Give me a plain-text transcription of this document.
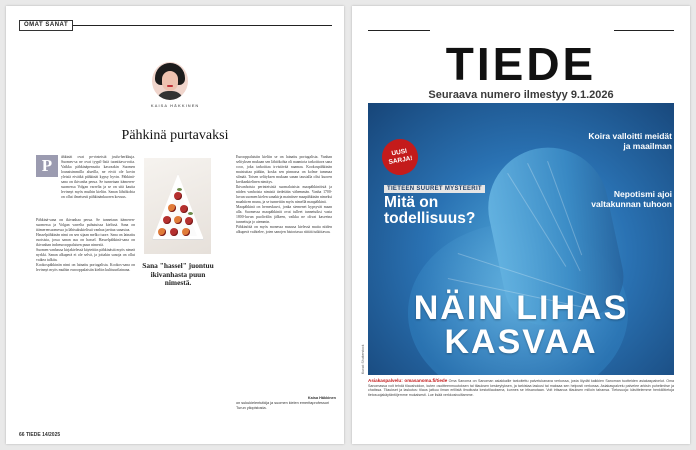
OMAT SANAT
KAISA HÄKKINEN
Pähkinä purtavaksi
P	ähkinät ovat pe-rinteisiä joulu-herkkuja. Suomes-sa ne ovat tyypil-lisiä tuontitava-roita. Vaikka pähkinäpensaita kasvaakin Suomen lounaisimmilla alueilla, ne eivät ole kovin yleisiä eivätkä pähkinät kypsy hyvin. Pähkinä-sana on ikivanha perua. Se tunnetaan itämeren-suomessa Volgan varrelta ja se on sitä kautta levinnyt myös muihin kieliin. Sanan lähtökohta on ollut ilmeisesti pähkinänkuoren kovuus.

Pähkinä-sana on ikivanhaa perua. Se tunnetaan itämeren-suomessa ja Volgan varrelta puhutuissa kielissä. Sana on itämerensuomessa ja lähisukukielissä vanhaa jaettua sanastoa.

Hasselpähkinän nimi on sen sijaan melko tuore. Sana on lainattu ruotsista, jossa sanan asu on hassel. Hasselpähkinä-sana on ikivanhan indoeurooppalaisen puun nimestä.

Suomen vanhassa kirjakielessä käytettiin pähkinästä myös nimeä nyrkki. Sanan alkuperä ei ole selvä, ja joitakin sanoja on ollut vaikea tulkita.

Kookospähkinän nimi on lainattu portugalista. Kookos-sana on levinnyt myös muihin eurooppalaisiin kieliin kulttuurilainana.	Sana "hassel" juontuu ikivanhasta puun nimestä.

Eurooppalaisiin kieliin se on lainattu portugalista. Vanhan selityksen mukaan sen lähtökohta oli naamiota tarkoittava sana coco, joka tarkoittaa irvistävää naamaa. Kookospähkinän muistuttaa pääkin, koska sen pinnassa on kolme tummaa silmää. Toisen selityksen mukaan sanan taustalla olisi kuoren kreikankielinen nimitys.

Ikivanhoista perinteisistä suomalaisista maapähkinöistä ja niiden vanhoista nimistä tiedetään vähemmän. Vanha 1700-luvun suomen kielen sanakirja mainitsee maapähkinän nimeksi maahiiren muna, ja se tunnettiin myös nimellä maapähkinä.

Maapähkinä on herneskasvi, jonka siemenet kypsyvät maan alla. Suomessa maapähkinät ovat tulleet tunnetuiksi vasta 1800-luvun puolivälin jälkeen, vaikka ne olivat kasveina tunnettuja jo aiemmin.

Pähkinöitä on myös monessa muussa kielessä mutta niiden alkuperä vaihtelee, joten sanojen historiassa riittää tutkittavaa.

Kaisa Häkkinen
on sukukielentutkija ja suomen kielen emeritaprofessori Turun yliopistosta.
66 TIEDE 14/2025
TIEDE
Seuraava numero ilmestyy 9.1.2026
UUSI SARJA!
TIETEEN SUURET MYSTEERIT
Mitä on todellisuus?
Koira valloitti meidät ja maailman
Nepotismi ajoi valtakunnan tuhoon
NÄIN LIHAS
KASVAA
Kuvat: Shutterstock
Asiakaspalvelu: omasanoma.fi/tiede Oma Sanoma on Sanoman asiakkaille tarkoitettu palvelukanava verkossa, josta löydät kaikkien Sanoman tuotteiden asiakaspalvelut. Oma Sanomassa voit tehdä tilaushoidon, kuten osoitteenmuutoksen tai tilauksen keskeytyksen, ja tarkistaa laskusi tai maksaa sen helposti verkossa. Asiakaspalvelu palvelee arkisin puhelimitse ja chatissa. Tilaukset ja laskutus: tilaus jatkuu ilman erillistä ilmoitusta kestotilauksena, kunnes se irtisanotaan. Voit irtisanoa tilauksen milloin tahansa. Tietosuoja: käsittelemme henkilötietoja tietosuojakäytäntöjemme mukaisesti. Lue lisää verkkosivuiltamme.
